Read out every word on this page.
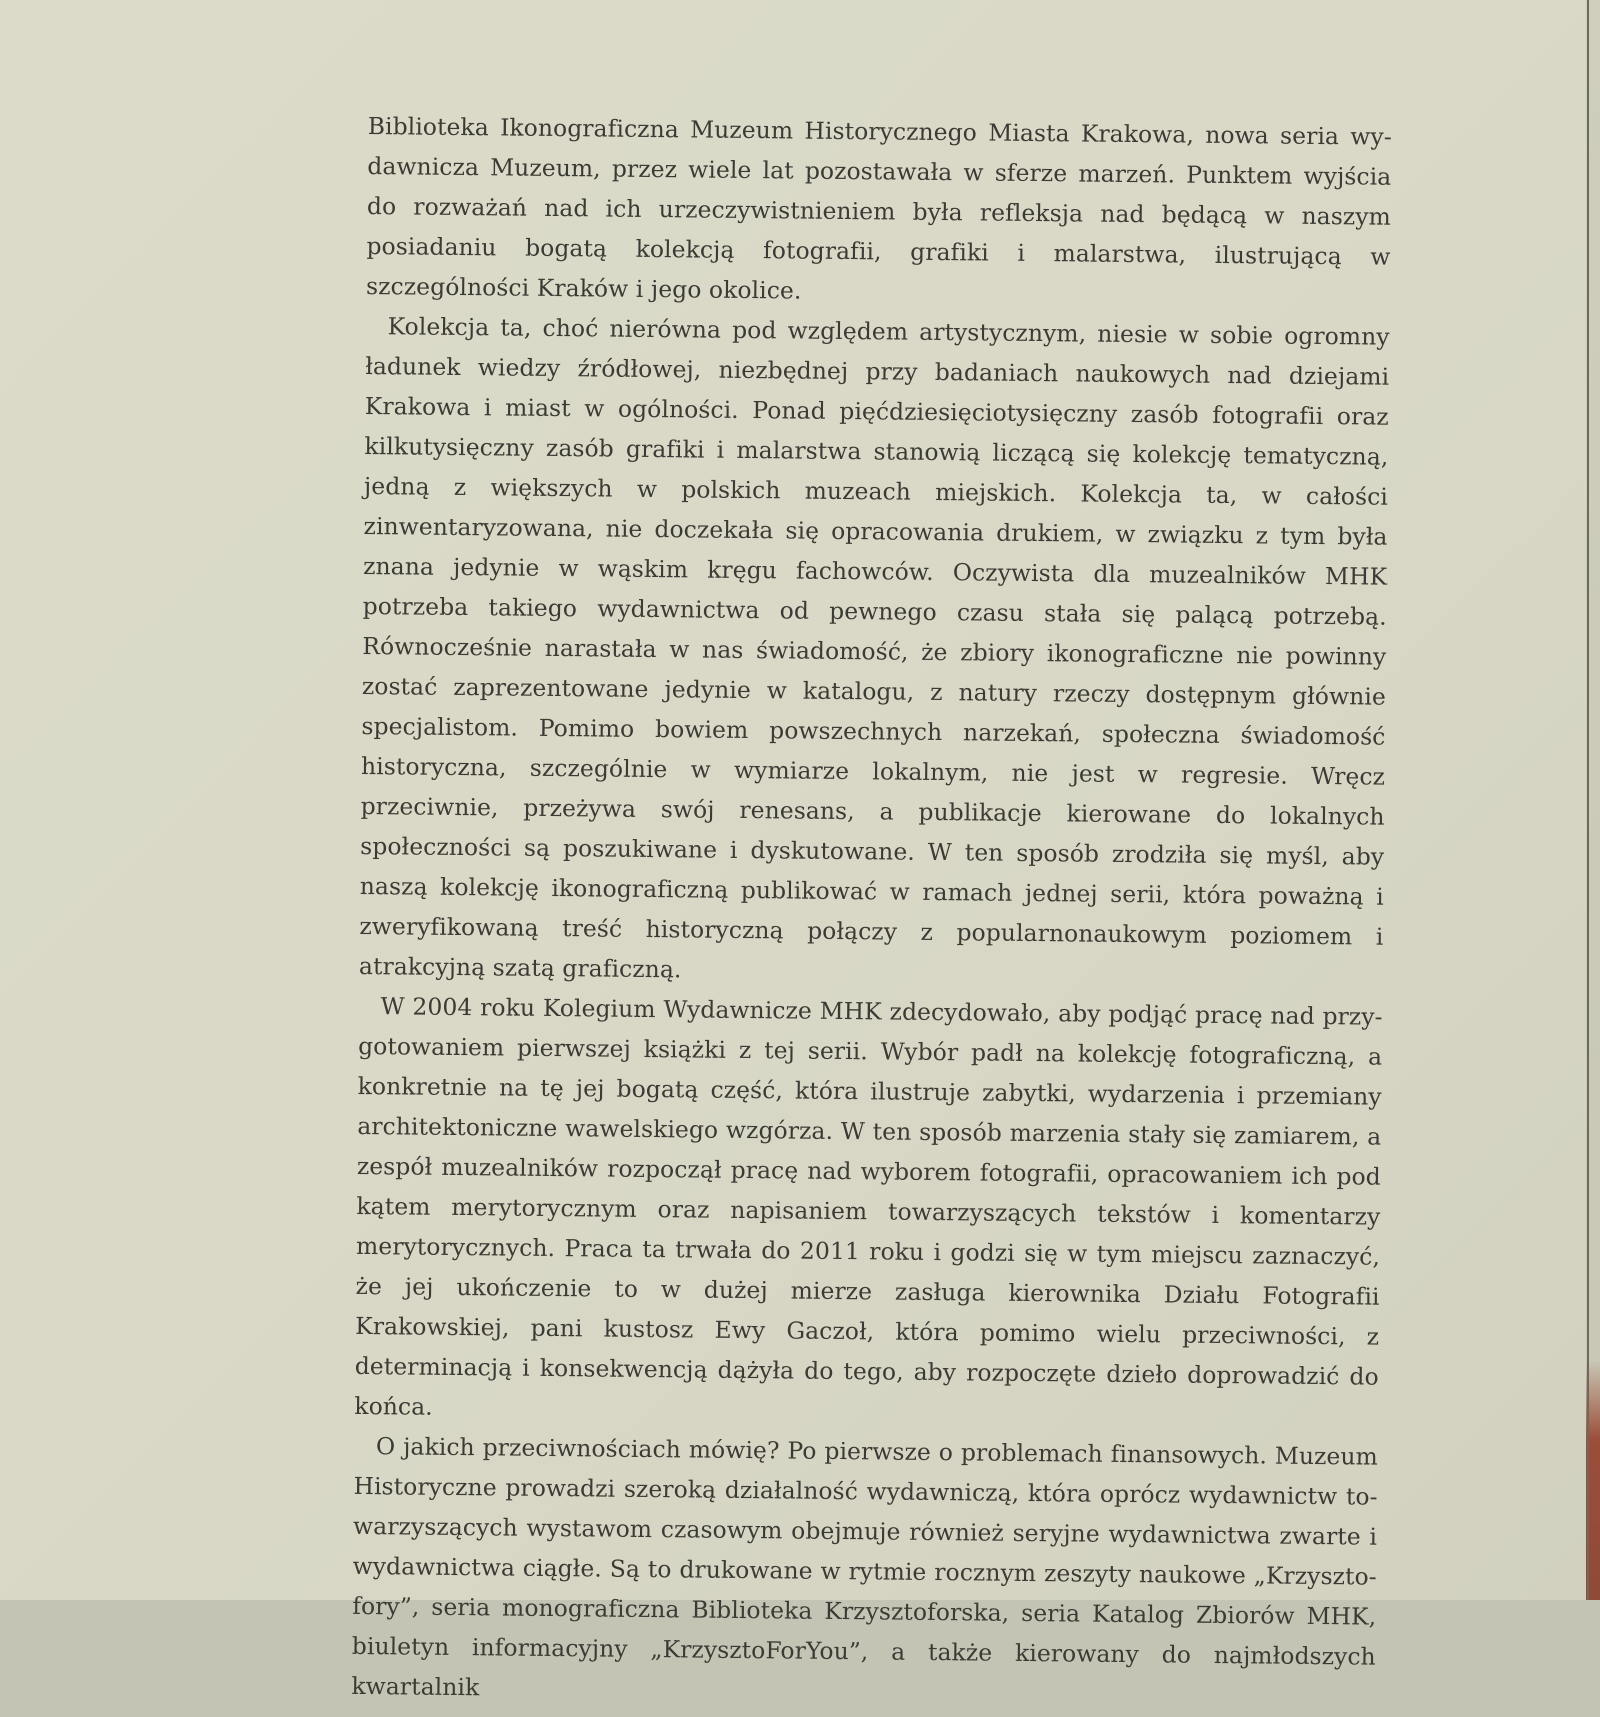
Biblioteka Ikonograficzna Muzeum Historycznego Miasta Krakowa, nowa seria wydawnicza Muzeum, przez wiele lat pozostawała w sferze marzeń. Punktem wyjścia do rozważań nad ich urzeczywistnieniem była refleksja nad będącą w naszym posiadaniu bogatą kolekcją fotografii, grafiki i malarstwa, ilustrującą w szczególności Kraków i jego okolice.

Kolekcja ta, choć nierówna pod względem artystycznym, niesie w sobie ogromny ładunek wiedzy źródłowej, niezbędnej przy badaniach naukowych nad dziejami Krakowa i miast w ogólności. Ponad pięćdziesięciotysięczny zasób fotografii oraz kilkutysięczny zasób grafiki i malarstwa stanowią liczącą się kolekcję tematyczną, jedną z większych w polskich muzeach miejskich. Kolekcja ta, w całości zinwentaryzowana, nie doczekała się opracowania drukiem, w związku z tym była znana jedynie w wąskim kręgu fachowców. Oczywista dla muzealników MHK potrzeba takiego wydawnictwa od pewnego czasu stała się palącą potrzebą. Równocześnie narastała w nas świadomość, że zbiory ikonograficzne nie powinny zostać zaprezentowane jedynie w katalogu, z natury rzeczy dostępnym głównie specjalistom. Pomimo bowiem powszechnych narzekań, społeczna świadomość historyczna, szczególnie w wymiarze lokalnym, nie jest w regresie. Wręcz przeciwnie, przeżywa swój renesans, a publikacje kierowane do lokalnych społeczności są poszukiwane i dyskutowane. W ten sposób zrodziła się myśl, aby naszą kolekcję ikonograficzną publikować w ramach jednej serii, która poważną i zweryfikowaną treść historyczną połączy z popularnonaukowym poziomem i atrakcyjną szatą graficzną.

W 2004 roku Kolegium Wydawnicze MHK zdecydowało, aby podjąć pracę nad przygotowaniem pierwszej książki z tej serii. Wybór padł na kolekcję fotograficzną, a konkretnie na tę jej bogatą część, która ilustruje zabytki, wydarzenia i przemiany architektoniczne wawelskiego wzgórza. W ten sposób marzenia stały się zamiarem, a zespół muzealników rozpoczął pracę nad wyborem fotografii, opracowaniem ich pod kątem merytorycznym oraz napisaniem towarzyszących tekstów i komentarzy merytorycznych. Praca ta trwała do 2011 roku i godzi się w tym miejscu zaznaczyć, że jej ukończenie to w dużej mierze zasługa kierownika Działu Fotografii Krakowskiej, pani kustosz Ewy Gaczoł, która pomimo wielu przeciwności, z determinacją i konsekwencją dążyła do tego, aby rozpoczęte dzieło doprowadzić do końca.

O jakich przeciwnościach mówię? Po pierwsze o problemach finansowych. Muzeum Historyczne prowadzi szeroką działalność wydawniczą, która oprócz wydawnictw towarzyszących wystawom czasowym obejmuje również seryjne wydawnictwa zwarte i wydawnictwa ciągłe. Są to drukowane w rytmie rocznym zeszyty naukowe „Krzysztofory”, seria monograficzna Biblioteka Krzysztoforska, seria Katalog Zbiorów MHK, biuletyn informacyjny „KrzysztoForYou”, a także kierowany do najmłodszych kwartalnik
